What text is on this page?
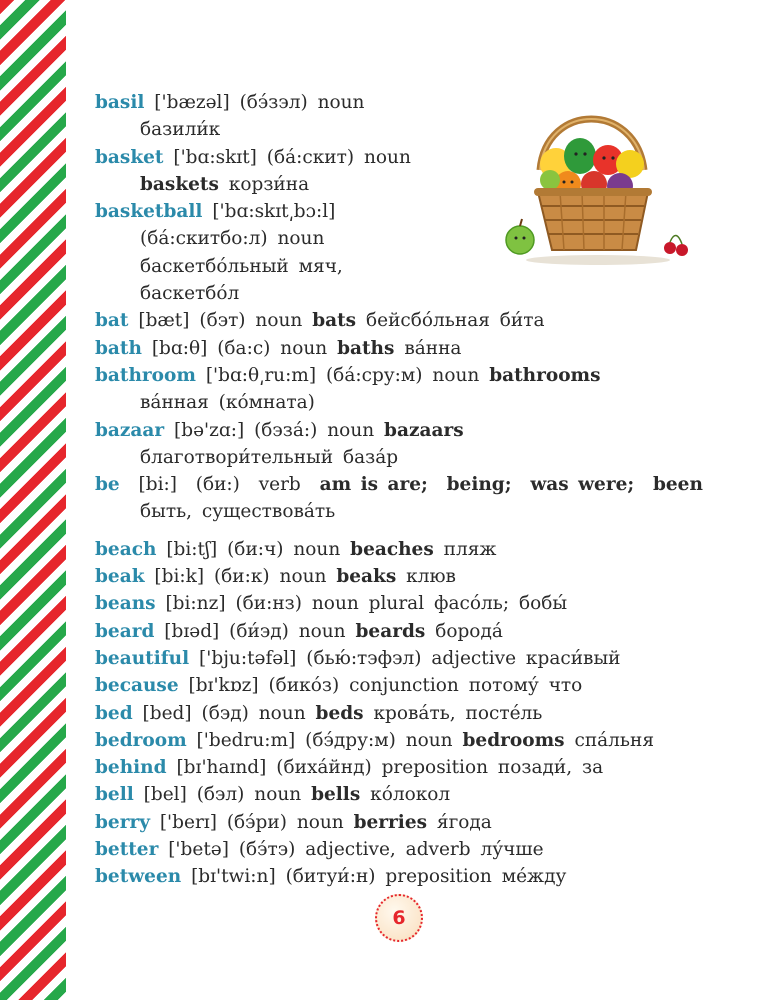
basil ['bæzəl] (бэ́зэл) noun
базили́к
basket ['bɑ:skɪt] (ба́:скит) noun
baskets корзи́на
basketball ['bɑ:skɪt͵bɔ:l]
(ба́:скитбо:л) noun
баскетбо́льный мяч,
баскетбо́л
bat [bæt] (бэт) noun bats бейсбо́льная би́та
bath [bɑ:θ] (ба:с) noun baths ва́нна
bathroom ['bɑ:θ͵ru:m] (ба́:сру:м) noun bathrooms
ва́нная (ко́мната)
bazaar [bə'zɑ:] (бэза́:) noun bazaars
благотвори́тельный база́р
be [bi:] (би:) verb am is are; being; was were; been
быть, существова́ть
beach [bi:tʃ] (би:ч) noun beaches пляж
beak [bi:k] (би:к) noun beaks клюв
beans [bi:nz] (би:нз) noun plural фасо́ль; бобы́
beard [bɪəd] (би́эд) noun beards борода́
beautiful ['bju:təfəl] (бью́:тэфэл) adjective краси́вый
because [bɪ'kɒz] (бико́з) conjunction потому́ что
bed [bed] (бэд) noun beds крова́ть, посте́ль
bedroom ['bedru:m] (бэ́дру:м) noun bedrooms спа́льня
behind [bɪ'haɪnd] (биха́йнд) preposition позади́, за
bell [bel] (бэл) noun bells ко́локол
berry ['berɪ] (бэ́ри) noun berries я́года
better ['betə] (бэ́тэ) adjective, adverb лу́чше
between [bɪ'twi:n] (битуи́:н) preposition ме́жду
6
